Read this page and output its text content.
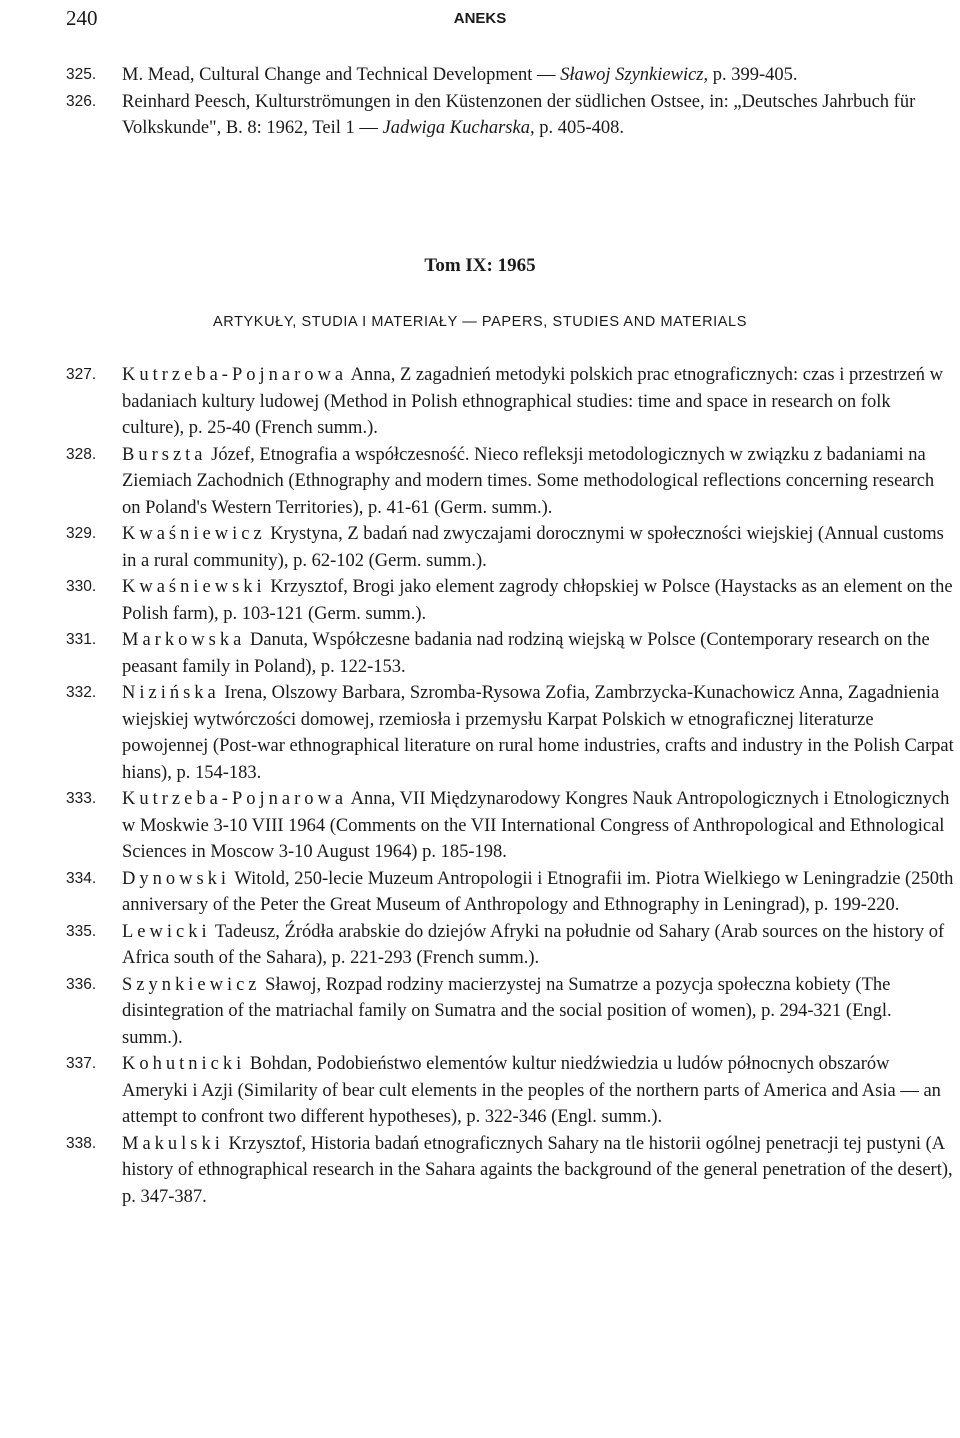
240	ANEKS
325. M. Mead, Cultural Change and Technical Development — Sławoj Szynkiewicz, p. 399-405.
326. Reinhard Peesch, Kulturströmungen in den Küstenzonen der südlichen Ostsee, in: „Deutsches Jahrbuch für Volkskunde", B. 8: 1962, Teil 1 — Jadwiga Kucharska, p. 405-408.
Tom IX: 1965
ARTYKUŁY, STUDIA I MATERIAŁY — PAPERS, STUDIES AND MATERIALS
327. Kutrzeba-Pojnarowa Anna, Z zagadnień metodyki polskich prac etnograficznych: czas i przestrzeń w badaniach kultury ludowej (Method in Polish ethnographical studies: time and space in research on folk culture), p. 25-40 (French summ.).
328. Bursztа Józef, Etnografia a współczesność. Nieco refleksji metodologicznych w związku z badaniami na Ziemiach Zachodnich (Ethnography and modern times. Some methodological reflections concerning research on Poland's Western Territories), p. 41-61 (Germ. summ.).
329. Kwaśniewicz Krystyna, Z badań nad zwyczajami dorocznymi w społeczności wiejskiej (Annual customs in a rural community), p. 62-102 (Germ. summ.).
330. Kwaśniewski Krzysztof, Brogi jako element zagrody chłopskiej w Polsce (Haystacks as an element on the Polish farm), p. 103-121 (Germ. summ.).
331. Markowska Danuta, Współczesne badania nad rodziną wiejską w Polsce (Contemporary research on the peasant family in Poland), p. 122-153.
332. Nizińska Irena, Olszowy Barbara, Szromba-Rysowa Zofia, Zambrzycka-Kunachowicz Anna, Zagadnienia wiejskiej wytwórczości domowej, rzemiosła i przemysłu Karpat Polskich w etnograficznej literaturze powojennej (Post-war ethnographical literature on rural home industries, crafts and industry in the Polish Carpat hians), p. 154-183.
333. Kutrzeba-Pojnarowa Anna, VII Międzynarodowy Kongres Nauk Antropologicznych i Etnologicznych w Moskwie 3-10 VIII 1964 (Comments on the VII International Congress of Anthropological and Ethnological Sciences in Moscow 3-10 August 1964) p. 185-198.
334. Dynowski Witold, 250-lecie Muzeum Antropologii i Etnografii im. Piotra Wielkiego w Leningradzie (250th anniversary of the Peter the Great Museum of Anthropology and Ethnography in Leningrad), p. 199-220.
335. Lewicki Tadeusz, Źródła arabskie do dziejów Afryki na południe od Sahary (Arab sources on the history of Africa south of the Sahara), p. 221-293 (French summ.).
336. Szynkiewicz Sławoj, Rozpad rodziny macierzystej na Sumatrze a pozycja społeczna kobiety (The disintegration of the matriachal family on Sumatra and the social position of women), p. 294-321 (Engl. summ.).
337. Kohutnicki Bohdan, Podobieństwo elementów kultur niedźwiedzia u ludów północnych obszarów Ameryki i Azji (Similarity of bear cult elements in the peoples of the northern parts of America and Asia — an attempt to confront two different hypotheses), p. 322-346 (Engl. summ.).
338. Makulski Krzysztof, Historia badań etnograficznych Sahary na tle historii ogólnej penetracji tej pustyni (A history of ethnographical research in the Sahara againts the background of the general penetration of the desert), p. 347-387.
